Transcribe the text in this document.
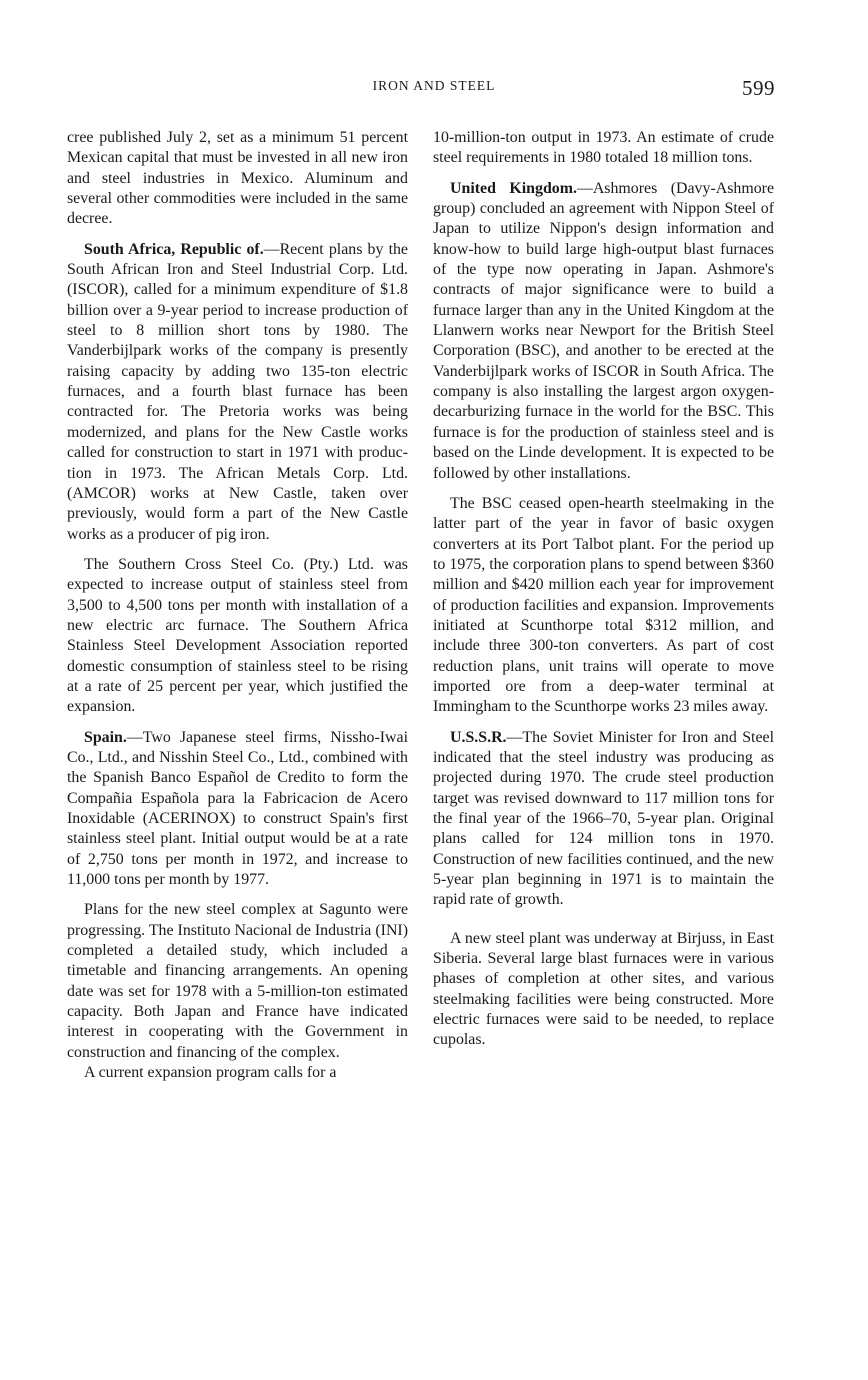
IRON AND STEEL	599

cree published July 2, set as a minimum 51 percent Mexican capital that must be invested in all new iron and steel industries in Mexico. Aluminum and several other commodities were included in the same decree.

South Africa, Republic of.—Recent plans by the South African Iron and Steel Industrial Corp. Ltd. (ISCOR), called for a minimum expenditure of $1.8 billion over a 9-year period to increase production of steel to 8 million short tons by 1980. The Vanderbijlpark works of the company is presently raising capacity by adding two 135-ton electric furnaces, and a fourth blast furnace has been contracted for. The Pretoria works was being modernized, and plans for the New Castle works called for construction to start in 1971 with production in 1973. The African Metals Corp. Ltd. (AMCOR) works at New Castle, taken over previously, would form a part of the New Castle works as a producer of pig iron.

The Southern Cross Steel Co. (Pty.) Ltd. was expected to increase output of stainless steel from 3,500 to 4,500 tons per month with installation of a new electric arc furnace. The Southern Africa Stainless Steel Development Association reported domestic consumption of stainless steel to be rising at a rate of 25 percent per year, which justified the expansion.

Spain.—Two Japanese steel firms, Nissho-Iwai Co., Ltd., and Nisshin Steel Co., Ltd., combined with the Spanish Banco Español de Credito to form the Compañia Española para la Fabricacion de Acero Inoxidable (ACERINOX) to construct Spain's first stainless steel plant. Initial output would be at a rate of 2,750 tons per month in 1972, and increase to 11,000 tons per month by 1977.

Plans for the new steel complex at Sagunto were progressing. The Instituto Nacional de Industria (INI) completed a detailed study, which included a timetable and financing arrangements. An opening date was set for 1978 with a 5-million-ton estimated capacity. Both Japan and France have indicated interest in cooperating with the Government in construction and financing of the complex.

A current expansion program calls for a

10-million-ton output in 1973. An estimate of crude steel requirements in 1980 totaled 18 million tons.

United Kingdom.—Ashmores (Davy-Ashmore group) concluded an agreement with Nippon Steel of Japan to utilize Nippon's design information and know-how to build large high-output blast furnaces of the type now operating in Japan. Ashmore's contracts of major significance were to build a furnace larger than any in the United Kingdom at the Llanwern works near Newport for the British Steel Corporation (BSC), and another to be erected at the Vanderbijlpark works of ISCOR in South Africa. The company is also installing the largest argon oxygen-decarburizing furnace in the world for the BSC. This furnace is for the production of stainless steel and is based on the Linde development. It is expected to be followed by other installations.

The BSC ceased open-hearth steelmaking in the latter part of the year in favor of basic oxygen converters at its Port Talbot plant. For the period up to 1975, the corporation plans to spend between $360 million and $420 million each year for improvement of production facilities and expansion. Improvements initiated at Scunthorpe total $312 million, and include three 300-ton converters. As part of cost reduction plans, unit trains will operate to move imported ore from a deep-water terminal at Immingham to the Scunthorpe works 23 miles away.

U.S.S.R.—The Soviet Minister for Iron and Steel indicated that the steel industry was producing as projected during 1970. The crude steel production target was revised downward to 117 million tons for the final year of the 1966–70, 5-year plan. Original plans called for 124 million tons in 1970. Construction of new facilities continued, and the new 5-year plan beginning in 1971 is to maintain the rapid rate of growth.

A new steel plant was underway at Birjuss, in East Siberia. Several large blast furnaces were in various phases of completion at other sites, and various steelmaking facilities were being constructed. More electric furnaces were said to be needed, to replace cupolas.
